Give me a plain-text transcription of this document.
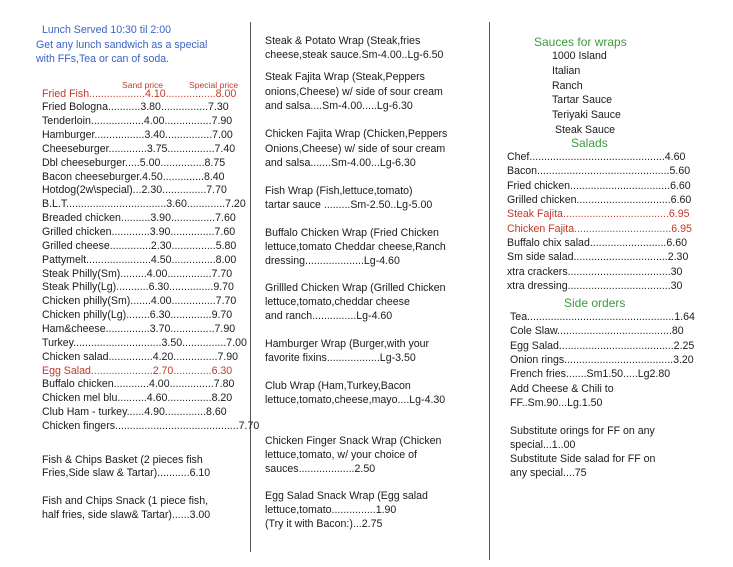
Lunch Served 10:30 til 2:00
Get any lunch sandwich as a special
with FFs,Tea or can of soda.
Sand price	Special price
Fried Fish...................4.10.................8.00
Fried Bologna...........3.80................7.30
Tenderloin..................4.00................7.90
Hamburger.................3.40................7.00
Cheeseburger.............3.75................7.40
Dbl cheeseburger.....5.00...............8.75
Bacon cheeseburger.4.50..............8.40
Hotdog(2w\special)...2.30...............7.70
B.L.T..................................3.60.............7.20
Breaded chicken..........3.90...............7.60
Grilled chicken.............3.90...............7.60
Grilled cheese..............2.30...............5.80
Pattymelt......................4.50...............8.00
Steak Philly(Sm).........4.00...............7.70
Steak Philly(Lg)...........6.30...............9.70
Chicken philly(Sm).......4.00...............7.70
Chicken philly(Lg)........6.30..............9.70
Ham&cheese...............3.70...............7.90
Turkey..............................3.50...............7.00
Chicken salad...............4.20...............7.90
Egg Salad.....................2.70.............6.30
Buffalo chicken............4.00...............7.80
Chicken mel blu..........4.60...............8.20
Club Ham - turkey......4.90..............8.60
Chicken fingers..........................................7.70
Fish & Chips Basket (2 pieces fish
Fries,Side slaw & Tartar)...........6.10
Fish and Chips Snack (1 piece fish,
half fries, side slaw& Tartar)......3.00
Steak & Potato Wrap (Steak,fries
cheese,steak sauce.Sm-4.00..Lg-6.50
Steak Fajita Wrap (Steak,Peppers
onions,Cheese) w/ side of sour cream
and salsa....Sm-4.00.....Lg-6.30
Chicken Fajita Wrap (Chicken,Peppers
Onions,Cheese) w/ side of sour cream
and salsa.......Sm-4.00...Lg-6.30
Fish Wrap (Fish,lettuce,tomato)
tartar sauce .........Sm-2.50..Lg-5.00
Buffalo Chicken Wrap (Fried Chicken
lettuce,tomato Cheddar cheese,Ranch
dressing....................Lg-4.60
Grillled Chicken Wrap (Grilled Chicken
lettuce,tomato,cheddar cheese
and ranch...............Lg-4.60
Hamburger Wrap (Burger,with your
favorite fixins..................Lg-3.50
Club Wrap (Ham,Turkey,Bacon
lettuce,tomato,cheese,mayo....Lg-4.30
Chicken Finger Snack Wrap (Chicken
lettuce,tomato, w/ your choice of
sauces...................2.50
Egg Salad Snack Wrap (Egg salad
lettuce,tomato...............1.90
(Try it with Bacon:)...2.75
Sauces for wraps
1000 Island
Italian
Ranch
Tartar Sauce
Teriyaki Sauce
Steak Sauce
Salads
Chef..............................................4.60
Bacon.............................................5.60
Fried chicken..................................6.60
Grilled chicken................................6.60
Steak Fajita....................................6.95
Chicken Fajita.................................6.95
Buffalo chix salad..........................6.60
Sm side salad................................2.30
xtra crackers...................................30
xtra dressing...................................30
Side orders
Tea..................................................1.64
Cole Slaw.......................................80
Egg Salad.......................................2.25
Onion rings.....................................3.20
French fries.......Sm1.50.....Lg2.80
Add Cheese & Chili to
FF..Sm.90...Lg.1.50
Substitute orings for FF on any
special...1..00
Substitute Side salad for FF on
any special....75
